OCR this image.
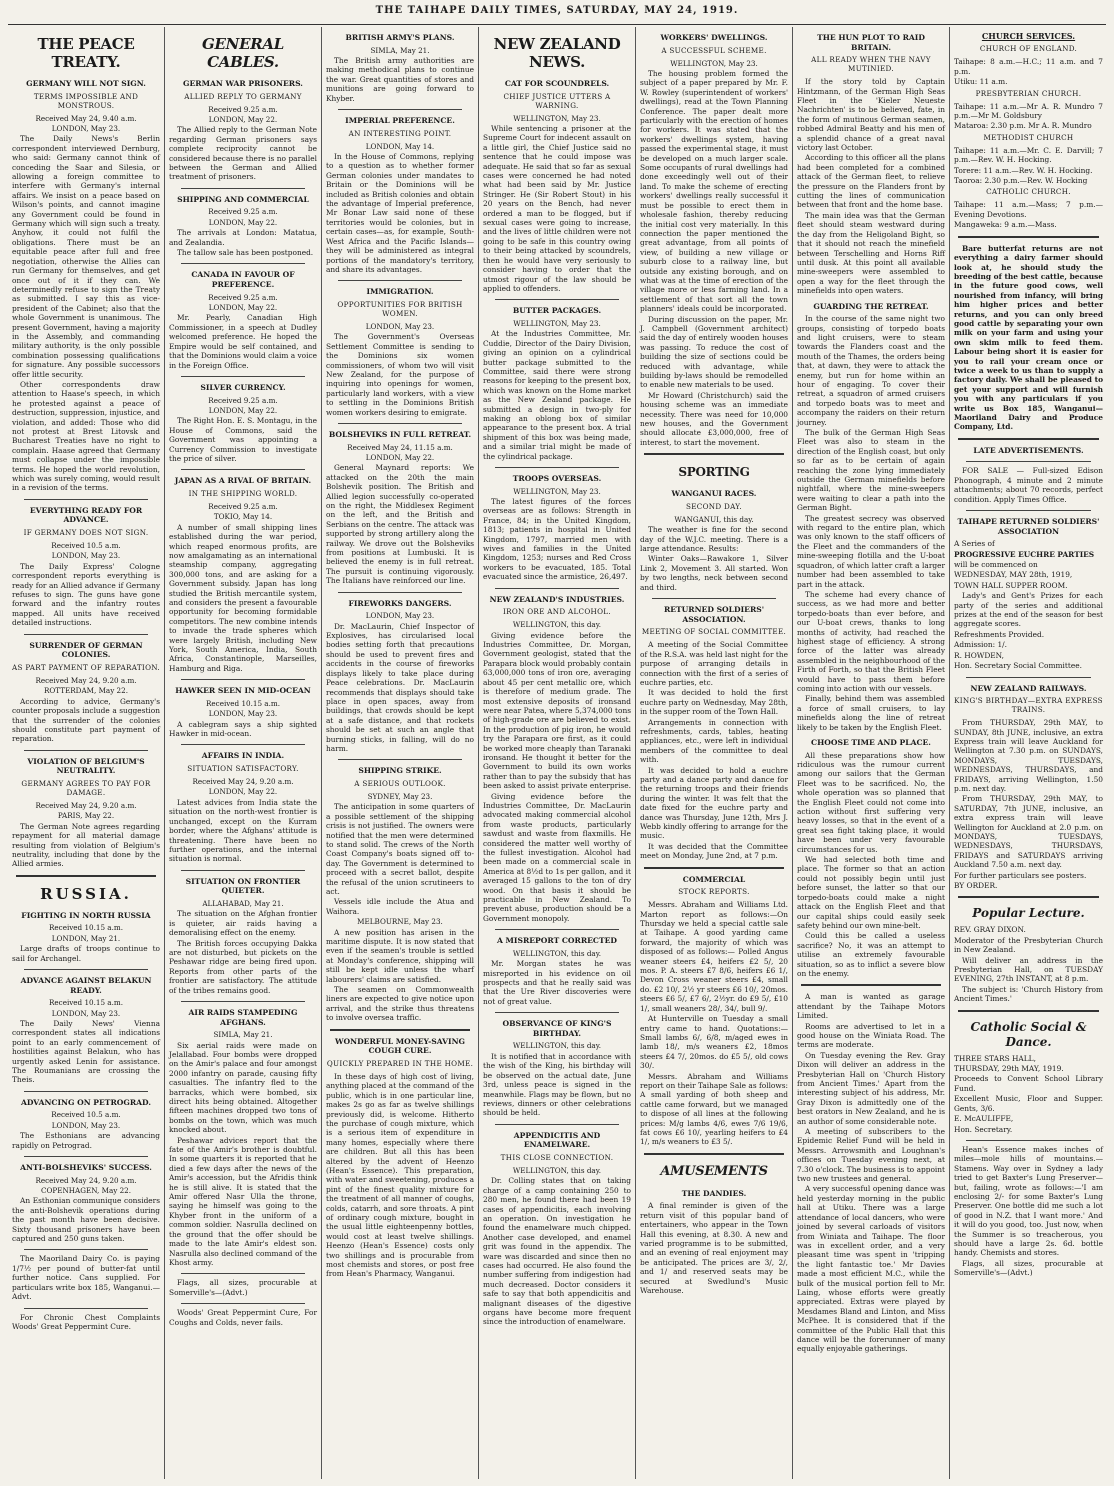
THE TAIHAPE DAILY TIMES, SATURDAY, MAY 24, 1919.
THE PEACE TREATY.
GERMANY WILL NOT SIGN.
TERMS IMPOSSIBLE AND MONSTROUS.
Received May 24, 9.40 a.m.
LONDON, May 23.

The Daily News's Berlin correspondent interviewed Dernburg, who said: Germany cannot think of conceding the Saar and Silesia, or allowing a foreign committee to interfere with Germany's internal affairs. We insist on a peace based on Wilson's points, and cannot imagine any Government could be found in Germany which will sign such a treaty. Anyhow, it could not fulfil the obligations. There must be an equitable peace after full and free negotiation, otherwise the Allies can run Germany for themselves, and get once out of it if they can. We determinedly refuse to sign the Treaty as submitted. I say this as vice-president of the Cabinet; also that the whole Government is unanimous. The present Government, having a majority in the Assembly, and commanding military authority, is the only possible combination possessing qualifications for signature. Any possible successors offer little security.

Other correspondents draw attention to Haase's speech, in which he protested against a peace of destruction, suppression, injustice, and violation, and added: Those who did not protest at Brest Litovsk and Bucharest Treaties have no right to complain. Haase agreed that Germany must collapse under the impossible terms. He hoped the world revolution, which was surely coming, would result in a revision of the terms.

EVERYTHING READY FOR ADVANCE.
IF GERMANY DOES NOT SIGN.
Received 10.5 a.m.
LONDON, May 23.

The Daily Express' Cologne correspondent reports everything is ready for an Allied advance if Germany refuses to sign. The guns have gone forward and the infantry routes mapped. All units have received detailed instructions.

SURRENDER OF GERMAN COLONIES.
AS PART PAYMENT OF REPARATION.
Received May 24, 9.20 a.m.
ROTTERDAM, May 22.

According to advice, Germany's counter proposals include a suggestion that the surrender of the colonies should constitute part payment of reparation.

VIOLATION OF BELGIUM'S NEUTRALITY.
GERMANY AGREES TO PAY FOR DAMAGE.
Received May 24, 9.20 a.m.
PARIS, May 22.

The German Note agrees regarding repayment for all material damage resulting from violation of Belgium's neutrality, including that done by the Allied armies.

RUSSIA.
FIGHTING IN NORTH RUSSIA
Received 10.15 a.m.
LONDON, May 21.

Large drafts of troops continue to sail for Archangel.

ADVANCE AGAINST BELAKUN READY.
Received 10.15 a.m.
LONDON, May 23.

The Daily News' Vienna correspondent states all indications point to an early commencement of hostilities against Belakun, who has urgently asked Lenin for assistance. The Roumanians are crossing the Theis.

ADVANCING ON PETROGRAD.
Received 10.5 a.m.
LONDON, May 23.

The Esthonians are advancing rapidly on Petrograd.

ANTI-BOLSHEVIKS' SUCCESS.
Received May 24, 9.20 a.m.
COPENHAGEN, May 22.

An Esthonian communique considers the anti-Bolshevik operations during the past month have been decisive. Sixty thousand prisoners have been captured and 250 guns taken.

The Maoriland Dairy Co. is paying 1/7½ per pound of butter-fat until further notice. Cans supplied. For particulars write box 185, Wanganui.—Advt.

For Chronic Chest Complaints Woods' Great Peppermint Cure.

GENERAL CABLES.
GERMAN WAR PRISONERS.
ALLIED REPLY TO GERMANY
Received 9.25 a.m.
LONDON, May 22.

The Allied reply to the German Note regarding German prisoners says complete reciprocity cannot be considered because there is no parallel between the German and Allied treatment of prisoners.

SHIPPING AND COMMERCIAL
Received 9.25 a.m.
LONDON, May 22.

The arrivals at London: Matatua, and Zealandia.

The tallow sale has been postponed.

CANADA IN FAVOUR OF PREFERENCE.
Received 9.25 a.m.
LONDON, May 22.

Mr. Pearly, Canadian High Commissioner, in a speech at Dudley welcomed preference. He hoped the Empire would be self contained, and that the Dominions would claim a voice in the Foreign Office.

SILVER CURRENCY.
Received 9.25 a.m.
LONDON, May 22.

The Right Hon. E. S. Montagu, in the House of Commons, said the Government was appointing a Currency Commission to investigate the price of silver.

JAPAN AS A RIVAL OF BRITAIN.
IN THE SHIPPING WORLD.
Received 9.25 a.m.
TOKIO, May 14.

A number of small shipping lines established during the war period, which reaped enormous profits, are now amalgamating as an international steamship company, aggregating 300,000 tons, and are asking for a Government subsidy. Japan has long studied the British mercantile system, and considers the present a favourable opportunity for becoming formidable competitors. The new combine intends to invade the trade spheres which were largely British, including New York, South America, India, South Africa, Constantinople, Marseilles, Hamburg and Riga.

HAWKER SEEN IN MID-OCEAN
Received 10.15 a.m.
LONDON, May 23.

A cablegram says a ship sighted Hawker in mid-ocean.

AFFAIRS IN INDIA.
SITUATION SATISFACTORY.
Received May 24, 9.20 a.m.
LONDON, May 22.

Latest advices from India state the situation on the north-west frontier is unchanged, except on the Kurram border, where the Afghans' attitude is threatening. There have been no further operations, and the internal situation is normal.

SITUATION ON FRONTIER QUIETER.
ALLAHABAD, May 21.

The situation on the Afghan frontier is quieter, air raids having a demoralising effect on the enemy.

The British forces occupying Dakka are not disturbed, but pickets on the Peshawar ridge are being fired upon. Reports from other parts of the frontier are satisfactory. The attitude of the tribes remains good.

AIR RAIDS STAMPEDING AFGHANS.
SIMLA, May 21.

Six aerial raids were made on Jelallabad. Four bombs were dropped on the Amir's palace and four amongst 2000 infantry on parade, causing fifty casualties. The infantry fled to the barracks, which were bombed, six direct hits being obtained. Altogether fifteen machines dropped two tons of bombs on the town, which was much knocked about.

Peshawar advices report that the fate of the Amir's brother is doubtful. In some quarters it is reported that he died a few days after the news of the Amir's accession, but the Afridis think he is still alive. It is stated that the Amir offered Nasr Ulla the throne, saying he himself was going to the Khyber front in the uniform of a common soldier. Nasrulla declined on the ground that the offer should be made to the late Amir's eldest son. Nasrulla also declined command of the Khost army.

Flags, all sizes, procurable at Somerville's—(Advt.)

Woods' Great Peppermint Cure, For Coughs and Colds, never fails.

BRITISH ARMY'S PLANS.
SIMLA, May 21.

The British army authorities are making methodical plans to continue the war. Great quantities of stores and munitions are going forward to Khyber.

IMPERIAL PREFERENCE.
AN INTERESTING POINT.
LONDON, May 14.

In the House of Commons, replying to a question as to whether former German colonies under mandates to Britain or the Dominions will be included as British colonies and obtain the advantage of Imperial preference, Mr Bonar Law said none of these territories would be colonies, but in certain cases—as, for example, South-West Africa and the Pacific Islands—they will be administered as integral portions of the mandatory's territory, and share its advantages.

IMMIGRATION.
OPPORTUNITIES FOR BRITISH WOMEN.
LONDON, May 23.

The Government's Overseas Settlement Committee is sending to the Dominions six women commissioners, of whom two will visit New Zealand, for the purpose of inquiring into openings for women, particularly land workers, with a view to settling in the Dominions British women workers desiring to emigrate.

BOLSHEVIKS IN FULL RETREAT.
Received May 24, 11.15 a.m.
LONDON, May 22.

General Maynard reports: We attacked on the 20th the main Bolshevik position. The British and Allied legion successfully co-operated on the right, the Middlesex Regiment on the left, and the British and Serbians on the centre. The attack was supported by strong artillery along the railway. We drove out the Bolsheviks from positions at Lumbuski. It is believed the enemy is in full retreat. The pursuit is continuing vigorously. The Italians have reinforced our line.

FIREWORKS DANGERS.
LONDON, May 23.

Dr. MacLaurin, Chief Inspector of Explosives, has circularised local bodies setting forth that precautions should be used to prevent fires and accidents in the course of fireworks displays likely to take place during Peace celebrations. Dr. MacLaurin recommends that displays should take place in open spaces, away from buildings, that crowds should be kept at a safe distance, and that rockets should be set at such an angle that burning sticks, in falling, will do no harm.

SHIPPING STRIKE.
A SERIOUS OUTLOOK.
SYDNEY, May 23.

The anticipation in some quarters of a possible settlement of the shipping crisis is not justified. The owners were notified that the men were determined to stand solid. The crews of the North Coast Company's boats signed off to-day. The Government is determined to proceed with a secret ballot, despite the refusal of the union scrutineers to act.

Vessels idle include the Atua and Waihora.

MELBOURNE, May 23.

A new position has arisen in the maritime dispute. It is now stated that even if the seamen's trouble is settled at Monday's conference, shipping will still be kept idle unless the wharf labourers' claims are satisfied.

The seamen on Commonwealth liners are expected to give notice upon arrival, and the strike thus threatens to involve oversea traffic.

WONDERFUL MONEY-SAVING COUGH CURE.
QUICKLY PREPARED IN THE HOME.

In these days of high cost of living, anything placed at the command of the public, which is in one particular line, makes 2s go as far as twelve shillings previously did, is welcome. Hitherto the purchase of cough mixture, which is a serious item of expenditure in many homes, especially where there are children. But all this has been altered by the advent of Heenzo (Hean's Essence). This preparation, with water and sweetening, produces a pint of the finest quality mixture for the treatment of all manner of coughs, colds, catarrh, and sore throats. A pint of ordinary cough mixture, bought in the usual little eighteenpenny bottles, would cost at least twelve shillings. Heenzo (Hean's Essence) costs only two shillings and is procurable from most chemists and stores, or post free from Hean's Pharmacy, Wanganui.

NEW ZEALAND NEWS.
CAT FOR SCOUNDRELS.
CHIEF JUSTICE UTTERS A WARNING.
WELLINGTON, May 23.

While sentencing a prisoner at the Supreme Court for indecent assault on a little girl, the Chief Justice said no sentence that he could impose was adequate. He said that so far as sexual cases were concerned he had noted what had been said by Mr. Justice Stringer. He (Sir Robert Stout) in his 20 years on the Bench, had never ordered a man to be flogged, but if sexual cases were going to increase, and the lives of little children were not going to be safe in this country owing to their being attacked by scoundrels, then he would have very seriously to consider having to order that the utmost rigour of the law should be applied to offenders.

BUTTER PACKAGES.
WELLINGTON, May 23.

At the Industries Committee, Mr. Cuddie, Director of the Dairy Division, giving an opinion on a cylindrical butter package submitted to the Committee, said there were strong reasons for keeping to the present box, which was known on the Home market as the New Zealand package. He submitted a design in two-ply for making an oblong box of similar appearance to the present box. A trial shipment of this box was being made, and a similar trial might be made of the cylindrical package.

TROOPS OVERSEAS.
WELLINGTON, May 23.

The latest figures of the forces overseas are as follows: Strength in France, 84; in the United Kingdom, 1813; patients in hospital in United Kingdom, 1797, married men with wives and families in the United Kingdom, 1253; nurses and Red Cross workers to be evacuated, 185. Total evacuated since the armistice, 26,497.

NEW ZEALAND'S INDUSTRIES.
IRON ORE AND ALCOHOL.
WELLINGTON, this day.

Giving evidence before the Industries Committee, Dr. Morgan, Government geologist, stated that the Parapara block would probably contain 63,000,000 tons of iron ore, averaging about 45 per cent metallic ore, which is therefore of medium grade. The most extensive deposits of ironsand were near Patea, where 5,374,000 tons of high-grade ore are believed to exist. In the production of pig iron, he would try the Parapara ore first, as it could be worked more cheaply than Taranaki ironsand. He thought it better for the Government to build its own works rather than to pay the subsidy that has been asked to assist private enterprise.

Giving evidence before the Industries Committee, Dr. MacLaurin advocated making commercial alcohol from waste products, particularly sawdust and waste from flaxmills. He considered the matter well worthy of the fullest investigation. Alcohol had been made on a commercial scale in America at 8½d to 1s per gallon, and it averaged 15 gallons to the ton of dry wood. On that basis it should be practicable in New Zealand. To prevent abuse, production should be a Government monopoly.

A MISREPORT CORRECTED
WELLINGTON, this day.

Mr. Morgan states he was misreported in his evidence on oil prospects and that he really said was that the Ure River discoveries were not of great value.

OBSERVANCE OF KING'S BIRTHDAY.
WELLINGTON, this day.

It is notified that in accordance with the wish of the King, his birthday will be observed on the actual date, June 3rd, unless peace is signed in the meanwhile. Flags may be flown, but no reviews, dinners or other celebrations should be held.

APPENDICITIS AND ENAMELWARE.
THIS CLOSE CONNECTION.
WELLINGTON, this day.

Dr. Colling states that on taking charge of a camp containing 250 to 280 men, he found there had been 19 cases of appendicitis, each involving an operation. On investigation he found the enamelware much chipped. Another case developed, and enamel grit was found in the appendix. The ware was discarded and since then no cases had occurred. He also found the number suffering from indigestion had much decreased. Doctor considers it safe to say that both appendicitis and malignant diseases of the digestive organs have become more frequent since the introduction of enamelware.

WORKERS' DWELLINGS.
A SUCCESSFUL SCHEME.
WELLINGTON, May 23.

The housing problem formed the subject of a paper prepared by Mr. F. W. Rowley (superintendent of workers' dwellings), read at the Town Planning Conference. The paper dealt more particularly with the erection of homes for workers. It was stated that the workers' dwellings system, having passed the experimental stage, it must be developed on a much larger scale. Some occupants of rural dwellings had done exceedingly well out of their land. To make the scheme of erecting workers' dwellings really successful it must be possible to erect them in wholesale fashion, thereby reducing the initial cost very materially. In this connection the paper mentioned the great advantage, from all points of view, of building a new village or suburb close to a railway line, but outside any existing borough, and on what was at the time of erection of the village more or less farming land. In a settlement of that sort all the town planners' ideals could be incorporated.

During discussion on the paper, Mr. J. Campbell (Government architect) said the day of entirely wooden houses was passing. To reduce the cost of building the size of sections could be reduced with advantage, while building by-laws should be remodelled to enable new materials to be used.

Mr Howard (Christchurch) said the housing scheme was an immediate necessity. There was need for 10,000 new houses, and the Government should allocate £3,000,000, free of interest, to start the movement.

SPORTING
WANGANUI RACES.
SECOND DAY.
WANGANUI, this day.

The weather is fine for the second day of the W.J.C. meeting. There is a large attendance. Results:

Winter Oaks—Rawakore 1, Silver Link 2, Movement 3. All started. Won by two lengths, neck between second and third.

RETURNED SOLDIERS' ASSOCIATION.
MEETING OF SOCIAL COMMITTEE.

A meeting of the Social Committee of the R.S.A. was held last night for the purpose of arranging details in connection with the first of a series of euchre parties, etc.

It was decided to hold the first euchre party on Wednesday, May 28th, in the supper room of the Town Hall.

Arrangements in connection with refreshments, cards, tables, heating appliances, etc., were left in individual members of the committee to deal with.

It was decided to hold a euchre party and a dance party and dance for the returning troops and their friends during the winter. It was felt that the date fixed for the euchre party and dance was Thursday, June 12th, Mrs J. Webb kindly offering to arrange for the music.

It was decided that the Committee meet on Monday, June 2nd, at 7 p.m.

COMMERCIAL
STOCK REPORTS.

Messrs. Abraham and Williams Ltd. Marton report as follows:—On Thursday we held a special cattle sale at Taihape. A good yarding came forward, the majority of which was disposed of as follows:— Polled Angus weaner steers £4, heifers £2 5/, 20 mos. P. A. steers £7 8/6, heifers £6 1/, Devon Cross weaner steers £4, small do. £2 10/, 2½ yr steers £6 10/, 20mos. steers £6 5/, £7 6/, 2½yr. do £9 5/, £10 1/, small weaners 28/, 34/, bull 9/.

At Hunterville on Tuesday a small entry came to hand. Quotations:—Small lambs 6/, 6/8, m/aged ewes in lamb 18/, m/s weaners £2, 18mos steers £4 7/, 20mos. do £5 5/, old cows 30/.

Messrs. Abraham and Williams report on their Taihape Sale as follows: A small yarding of both sheep and cattle came forward, but we managed to dispose of all lines at the following prices: M/g lambs 4/6, ewes 7/6 19/6, fat cows £6 10/, yearling heifers to £4 1/, m/s weaners to £3 5/.

AMUSEMENTS
THE DANDIES.

A final reminder is given of the return visit of this popular band of entertainers, who appear in the Town Hall this evening, at 8.30. A new and varied programme is to be submitted, and an evening of real enjoyment may be anticipated. The prices are 3/, 2/, and 1/ and reserved seats may be secured at Swedlund's Music Warehouse.

THE HUN PLOT TO RAID BRITAIN.
ALL READY WHEN THE NAVY MUTINIED.

If the story told by Captain Hintzmann, of the German High Seas Fleet in the 'Kieler Neueste Nachrichten' is to be believed, fate, in the form of mutinous German seamen, robbed Admiral Beatty and his men of a splendid chance of a great naval victory last October.

According to this officer all the plans had been completed for a combined attack of the German fleet, to relieve the pressure on the Flanders front by cutting the lines of communication between that front and the home base.

The main idea was that the German fleet should steam westward during the day from the Heligoland Bight, so that it should not reach the minefield between Terschelling and Horns Riff until dusk. At this point all available mine-sweepers were assembled to open a way for the fleet through the minefields into open waters.

GUARDING THE RETREAT.

In the course of the same night two groups, consisting of torpedo boats and light cruisers, were to steam towards the Flanders coast and the mouth of the Thames, the orders being that, at dawn, they were to attack the enemy, but run for home within an hour of engaging. To cover their retreat, a squadron of armed cruisers and torpedo boats was to meet and accompany the raiders on their return journey.

The bulk of the German High Seas Fleet was also to steam in the direction of the English coast, but only so far as to be certain of again reaching the zone lying immediately outside the German minefields before nightfall, where the mine-sweepers were waiting to clear a path into the German Bight.

The greatest secrecy was observed with regard to the entire plan, which was only known to the staff officers of the Fleet and the commanders of the mine-sweeping flotilla and the U-boat squadron, of which latter craft a larger number had been assembled to take part in the attack.

The scheme had every chance of success, as we had more and better torpedo-boats than ever before, and our U-boat crews, thanks to long months of activity, had reached the highest stage of efficiency. A strong force of the latter was already assembled in the neighbourhood of the Firth of Forth, so that the British Fleet would have to pass them before coming into action with our vessels.

Finally, behind them was assembled a force of small cruisers, to lay minefields along the line of retreat likely to be taken by the English Fleet.

CHOOSE TIME AND PLACE.

All these preparations show how ridiculous was the rumour current among our sailors that the German Fleet was to be sacrificed. No, the whole operation was so planned that the English Fleet could not come into action without first suffering very heavy losses, so that in the event of a great sea fight taking place, it would have been under very favourable circumstances for us.

We had selected both time and place. The former so that an action could not possibly begin until just before sunset, the latter so that our torpedo-boats could make a night attack on the English Fleet and that our capital ships could easily seek safety behind our own mine-belt.

Could this be called a useless sacrifice? No, it was an attempt to utilise an extremely favourable situation, so as to inflict a severe blow on the enemy.

A man is wanted as garage attendant by the Taihape Motors Limited.

Rooms are advertised to let in a good house on the Winiata Road. The terms are moderate.

On Tuesday evening the Rev. Gray Dixon will deliver an address in the Presbyterian Hall on 'Church History from Ancient Times.' Apart from the interesting subject of his address, Mr. Gray Dixon is admittedly one of the best orators in New Zealand, and he is an author of some considerable note.

A meeting of subscribers to the Epidemic Relief Fund will be held in Messrs. Arrowsmith and Loughnan's offices on Tuesday evening next, at 7.30 o'clock. The business is to appoint two new trustees and general.

A very successful opening dance was held yesterday morning in the public hall at Utiku. There was a large attendance of local dancers, who were joined by several carloads of visitors from Winiata and Taihape. The floor was in excellent order, and a very pleasant time was spent in 'tripping the light fantastic toe.' Mr Davies made a most efficient M.C., while the bulk of the musical portion fell to Mr. Laing, whose efforts were greatly appreciated. Extras were played by Mesdames Bland and Linton, and Miss McPhee. It is considered that if the committee of the Public Hall that this dance will be the forerunner of many equally enjoyable gatherings.

CHURCH SERVICES.
CHURCH OF ENGLAND.

Taihape: 8 a.m.—H.C.; 11 a.m. and 7 p.m.

Utiku: 11 a.m.

PRESBYTERIAN CHURCH.

Taihape: 11 a.m.—Mr A. R. Mundro 7 p.m.—Mr M. Goldsbury

Mataroa: 2.30 p.m. Mr A. R. Mundro

METHODIST CHURCH

Taihape: 11 a.m.—Mr. C. E. Darvill; 7 p.m.—Rev. W. H. Hocking.

Torere: 11 a.m.—Rev. W. H. Hocking.

Taoroa: 2.30 p.m.—Rev. W. Hocking

CATHOLIC CHURCH.

Taihape: 11 a.m.—Mass; 7 p.m.—Evening Devotions.

Mangaweka: 9 a.m.—Mass.

Bare butterfat returns are not everything a dairy farmer should look at, he should study the breeding of the best cattle, because in the future good cows, well nourished from infancy, will bring him higher prices and better returns, and you can only breed good cattle by separating your own milk on your farm and using your own skim milk to feed them. Labour being short it is easier for you to rail your cream once or twice a week to us than to supply a factory daily. We shall be pleased to get your support and will furnish you with any particulars if you write us Box 185, Wanganui—Maoriland Dairy and Produce Company, Ltd.

LATE ADVERTISEMENTS.

FOR SALE — Full-sized Edison Phonograph, 4 minute and 2 minute attachments; about 70 records, perfect condition. Apply Times Office.

TAIHAPE RETURNED SOLDIERS' ASSOCIATION

A Series of

PROGRESSIVE EUCHRE PARTIES

will be commenced on

WEDNESDAY, MAY 28th, 1919,

TOWN HALL SUPPER ROOM.

Lady's and Gent's Prizes for each party of the series and additional prizes at the end of the season for best aggregate scores.

Refreshments Provided.

Admission: 1/.

R. HOWDEN,

Hon. Secretary Social Committee.

NEW ZEALAND RAILWAYS.
KING'S BIRTHDAY—EXTRA EXPRESS TRAINS.

From THURSDAY, 29th MAY, to SUNDAY, 8th JUNE, inclusive, an extra Express train will leave Auckland for Wellington at 7.30 p.m. on SUNDAYS, MONDAYS, TUESDAYS, WEDNESDAYS, THURSDAYS, and FRIDAYS, arriving Wellington, 1.50 p.m. next day.

From THURSDAY, 29th MAY, to SATURDAY, 7th JUNE, inclusive, an extra express train will leave Wellington for Auckland at 2.0 p.m. on MONDAYS, TUESDAYS, WEDNESDAYS, THURSDAYS, FRIDAYS and SATURDAYS arriving Auckland 7.50 a.m. next day.

For further particulars see posters.

BY ORDER.

Popular Lecture.

REV. GRAY DIXON.

Moderator of the Presbyterian Church in New Zealand.

Will deliver an address in the Presbyterian Hall, on TUESDAY EVENING, 27th INSTANT, at 8 p.m.

The subject is: 'Church History from Ancient Times.'

Catholic Social & Dance.

THREE STARS HALL,

THURSDAY, 29th MAY, 1919.

Proceeds to Convent School Library Fund.

Excellent Music, Floor and Supper. Gents, 3/6.

E. McAULIFFE,

Hon. Secretary.

Hean's Essence makes inches of miles—mole hills of mountains.—Stamens. Way over in Sydney a lady tried to get Baxter's Lung Preserver—but, failing, wrote as follows:—'I am enclosing 2/- for some Baxter's Lung Preserver. One bottle did me such a lot of good in N.Z. that I want more.' And it will do you good, too. Just now, when the Summer is so treacherous, you should have a large 2s. 6d. bottle handy. Chemists and stores.

Flags, all sizes, procurable at Somerville's—(Advt.)
